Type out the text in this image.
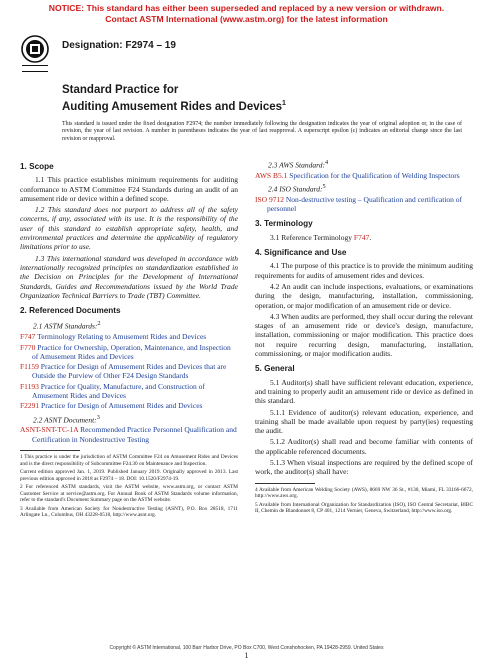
NOTICE: This standard has either been superseded and replaced by a new version or withdrawn.
Contact ASTM International (www.astm.org) for the latest information
Designation: F2974 – 19
Standard Practice for
Auditing Amusement Rides and Devices$^1$
This standard is issued under the fixed designation F2974; the number immediately following the designation indicates the year of original adoption or, in the case of revision, the year of last revision. A number in parentheses indicates the year of last reapproval. A superscript epsilon (ε) indicates an editorial change since the last revision or reapproval.
1. Scope

1.1 This practice establishes minimum requirements for auditing conformance to ASTM Committee F24 Standards during an audit of an amusement ride or device within a defined scope.

1.2 This standard does not purport to address all of the safety concerns, if any, associated with its use. It is the responsibility of the user of this standard to establish appropriate safety, health, and environmental practices and determine the applicability of regulatory limitations prior to use.

1.3 This international standard was developed in accordance with internationally recognized principles on standardization established in the Decision on Principles for the Development of International Standards, Guides and Recommendations issued by the World Trade Organization Technical Barriers to Trade (TBT) Committee.

2. Referenced Documents
2.1 ASTM Standards:$^2$
F747 Terminology Relating to Amusement Rides and Devices
F770 Practice for Ownership, Operation, Maintenance, and Inspection of Amusement Rides and Devices
F1159 Practice for Design of Amusement Rides and Devices that are Outside the Purview of Other F24 Design Standards
F1193 Practice for Quality, Manufacture, and Construction of Amusement Rides and Devices
F2291 Practice for Design of Amusement Rides and Devices
2.2 ASNT Document:$^3$
ASNT-SNT-TC-1A Recommended Practice Personnel Qualification and Certification in Nondestructive Testing

1 This practice is under the jurisdiction of ASTM Committee F24 on Amusement Rides and Devices and is the direct responsibility of Subcommittee F24.30 on Maintenance and Inspection.

Current edition approved Jan. 1, 2019. Published January 2019. Originally approved in 2013. Last previous edition approved in 2018 as F2974 – 18. DOI: 10.1520/F2974-19.

2 For referenced ASTM standards, visit the ASTM website, www.astm.org, or contact ASTM Customer Service at service@astm.org. For Annual Book of ASTM Standards volume information, refer to the standard's Document Summary page on the ASTM website.

3 Available from American Society for Nondestructive Testing (ASNT), P.O. Box 28518, 1711 Arlingate Ln., Columbus, OH 43228-0518, http://www.asnt.org.

2.3 AWS Standard:$^4$
AWS B5.1 Specification for the Qualification of Welding Inspectors
2.4 ISO Standard:$^5$
ISO 9712 Non-destructive testing – Qualification and certification of personnel
3. Terminology

3.1 Reference Terminology F747.

4. Significance and Use

4.1 The purpose of this practice is to provide the minimum auditing requirements for audits of amusement rides and devices.

4.2 An audit can include inspections, evaluations, or examinations during the design, manufacturing, installation, commissioning, operation, or major modification of an amusement ride or device.

4.3 When audits are performed, they shall occur during the relevant stages of an amusement ride or device's design, manufacture, installation, commissioning or major modification. This practice does not require recurring design, manufacturing, installation, commissioning, or major modification audits.

5. General

5.1 Auditor(s) shall have sufficient relevant education, experience, and training to properly audit an amusement ride or device as defined in this standard.

5.1.1 Evidence of auditor(s) relevant education, experience, and training shall be made available upon request by party(ies) requesting the audit.

5.1.2 Auditor(s) shall read and become familiar with contents of the applicable referenced documents.

5.1.3 When visual inspections are required by the defined scope of work, the auditor(s) shall have:

4 Available from American Welding Society (AWS), 8669 NW 36 St., #130, Miami, FL 33166-6672, http://www.aws.org.

5 Available from International Organization for Standardization (ISO), ISO Central Secretariat, BIBC II, Chemin de Blandonnet 8, CP 401, 1214 Vernier, Geneva, Switzerland, http://www.iso.org.

Copyright © ASTM International, 100 Barr Harbor Drive, PO Box C700, West Conshohocken, PA 19428-2959. United States
1
